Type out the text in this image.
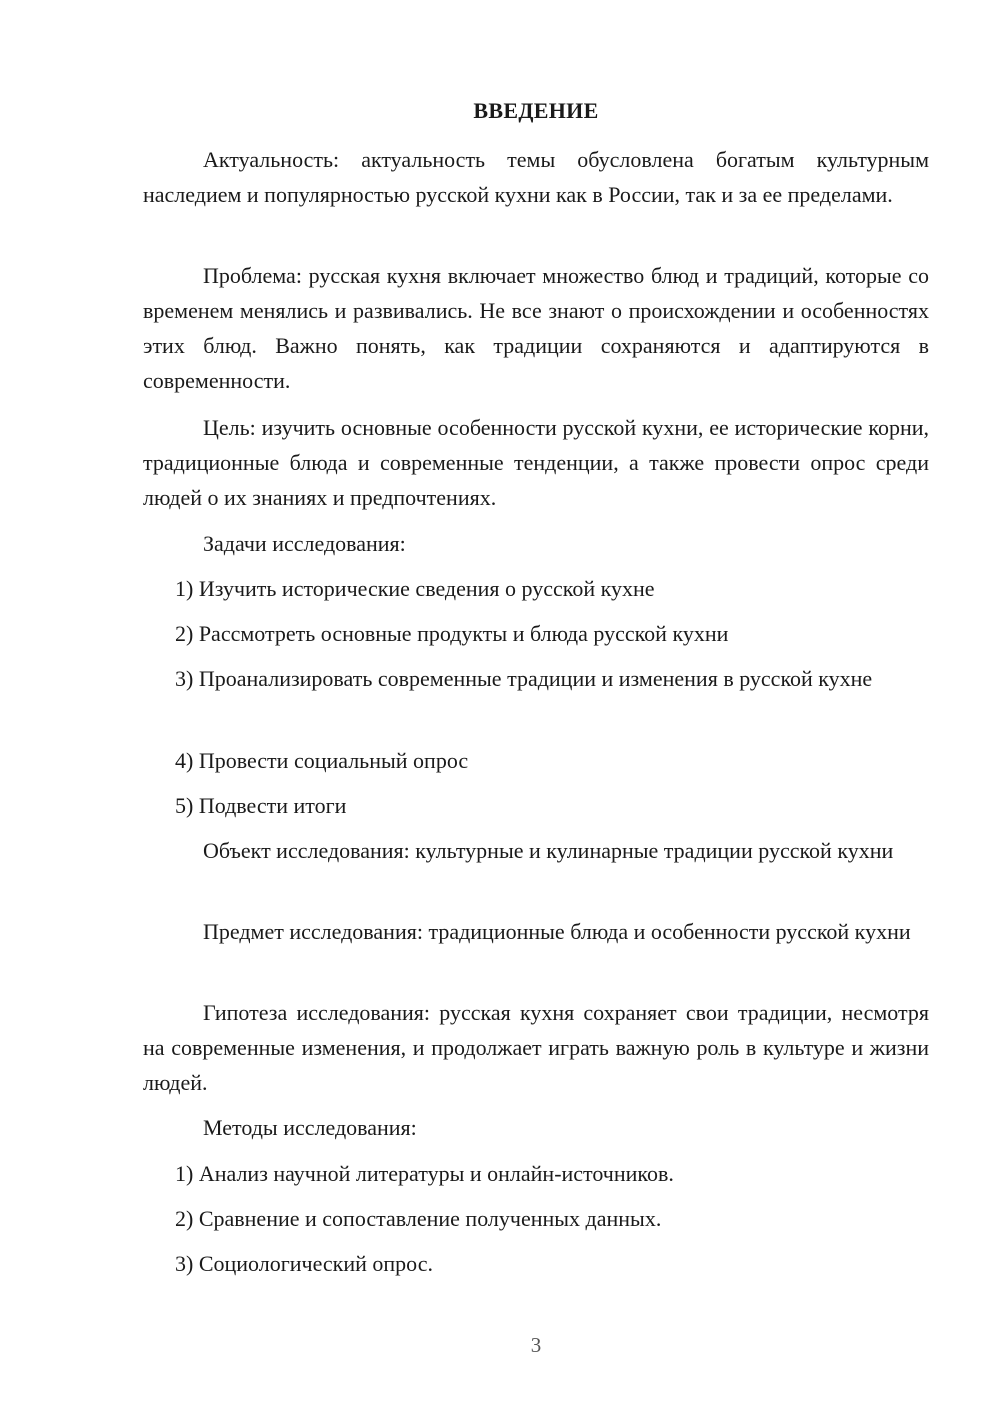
ВВЕДЕНИЕ
Актуальность: актуальность темы обусловлена богатым культурным наследием и популярностью русской кухни как в России, так и за ее пределами.
Проблема: русская кухня включает множество блюд и традиций, которые со временем менялись и развивались. Не все знают о происхождении и особенностях этих блюд. Важно понять, как традиции сохраняются и адаптируются в современности.
Цель: изучить основные особенности русской кухни, ее исторические корни, традиционные блюда и современные тенденции, а также провести опрос среди людей о их знаниях и предпочтениях.
Задачи исследования:
1) Изучить исторические сведения о русской кухне
2) Рассмотреть основные продукты и блюда русской кухни
3) Проанализировать современные традиции и изменения в русской кухне
4) Провести социальный опрос
5) Подвести итоги
Объект исследования: культурные и кулинарные традиции русской кухни
Предмет исследования: традиционные блюда и особенности русской кухни
Гипотеза исследования: русская кухня сохраняет свои традиции, несмотря на современные изменения, и продолжает играть важную роль в культуре и жизни людей.
Методы исследования:
1) Анализ научной литературы и онлайн-источников.
2) Сравнение и сопоставление полученных данных.
3) Социологический опрос.
3
